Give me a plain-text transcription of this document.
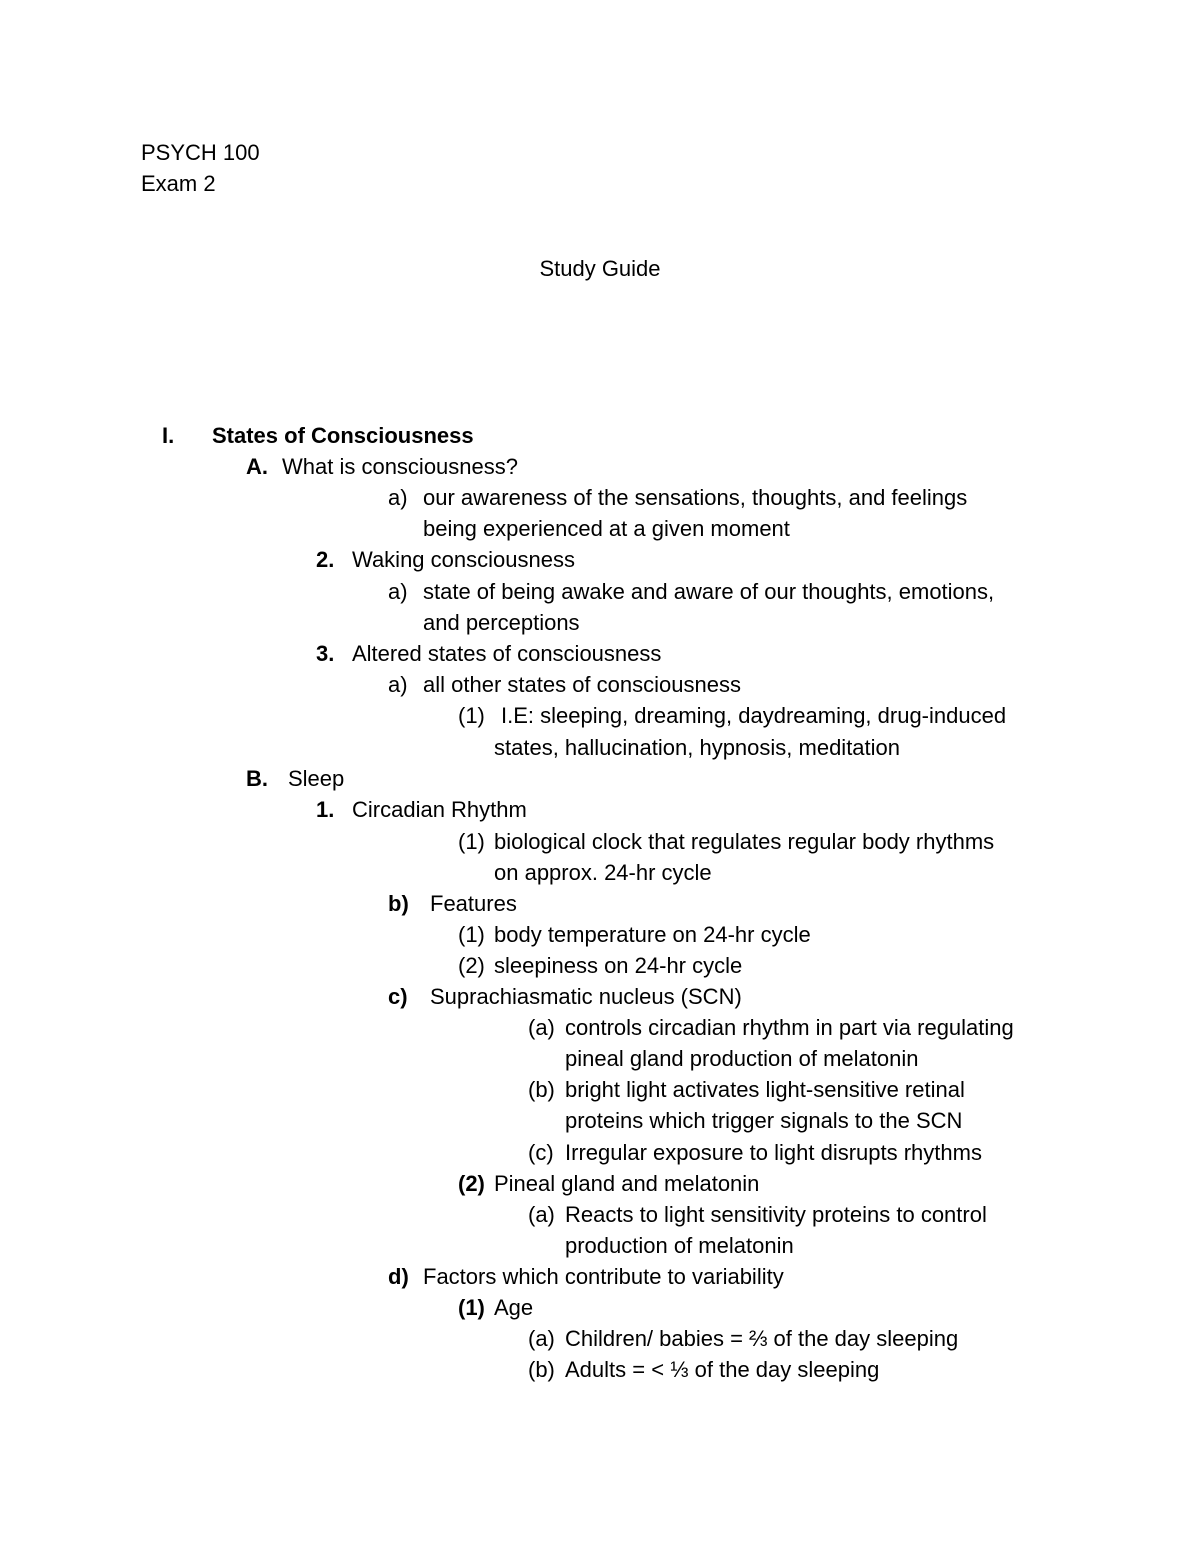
PSYCH 100
Exam 2
Study Guide
I. States of Consciousness
A. What is consciousness?
a) our awareness of the sensations, thoughts, and feelings
being experienced at a given moment
2. Waking consciousness
a) state of being awake and aware of our thoughts, emotions,
and perceptions
3. Altered states of consciousness
a) all other states of consciousness
(1) I.E: sleeping, dreaming, daydreaming, drug-induced
states, hallucination, hypnosis, meditation
B. Sleep
1. Circadian Rhythm
(1) biological clock that regulates regular body rhythms
on approx. 24-hr cycle
b) Features
(1) body temperature on 24-hr cycle
(2) sleepiness on 24-hr cycle
c) Suprachiasmatic nucleus (SCN)
(a) controls circadian rhythm in part via regulating
pineal gland production of melatonin
(b) bright light activates light-sensitive retinal
proteins which trigger signals to the SCN
(c) Irregular exposure to light disrupts rhythms
(2) Pineal gland and melatonin
(a) Reacts to light sensitivity proteins to control
production of melatonin
d) Factors which contribute to variability
(1) Age
(a) Children/ babies = ⅔ of the day sleeping
(b) Adults = < ⅓ of the day sleeping
